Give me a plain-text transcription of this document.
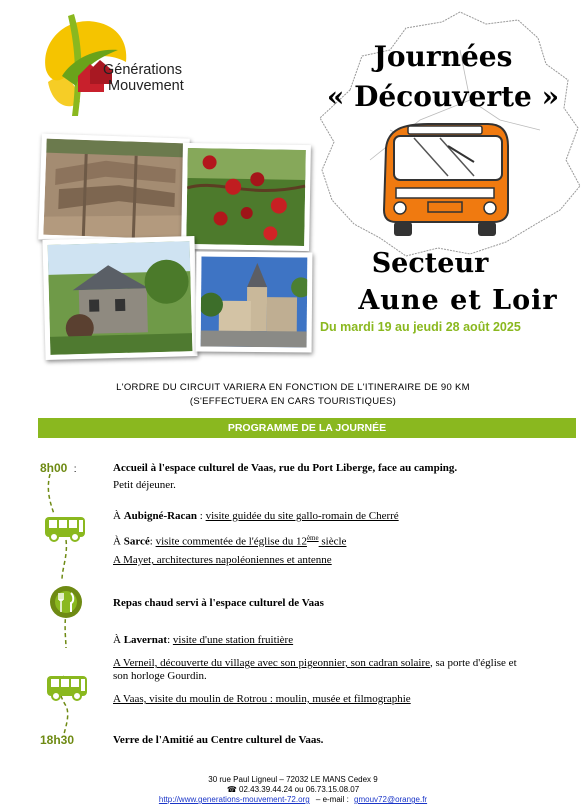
Générations
Mouvement
Journées
« Découverte »
Secteur
Aune et Loir
Du mardi 19 au jeudi 28 août 2025
L'ORDRE DU CIRCUIT VARIERA EN FONCTION DE L'ITINERAIRE DE 90 KM
(S'EFFECTUERA EN CARS TOURISTIQUES)
PROGRAMME DE LA JOURNÉE
8h00 :	Accueil à l'espace culturel de Vaas, rue du Port Liberge, face au camping.
Petit déjeuner.
À Aubigné-Racan : visite guidée du site gallo-romain de Cherré
À Sarcé: visite commentée de l'église du 12ème siècle
A Mayet, architectures napoléoniennes et antenne
Repas chaud servi à l'espace culturel de Vaas
À Lavernat: visite d'une station fruitière
A Verneil, découverte du village avec son pigeonnier, son cadran solaire, sa porte d'église et
son horloge Gourdin.
A Vaas, visite du moulin de Rotrou : moulin, musée et filmographie
18h30	Verre de l'Amitié au Centre culturel de Vaas.
30 rue Paul Ligneul – 72032 LE MANS Cedex 9
☎ 02.43.39.44.24 ou 06.73.15.08.07
http://www.generations-mouvement-72.org – e-mail : gmouv72@orange.fr
